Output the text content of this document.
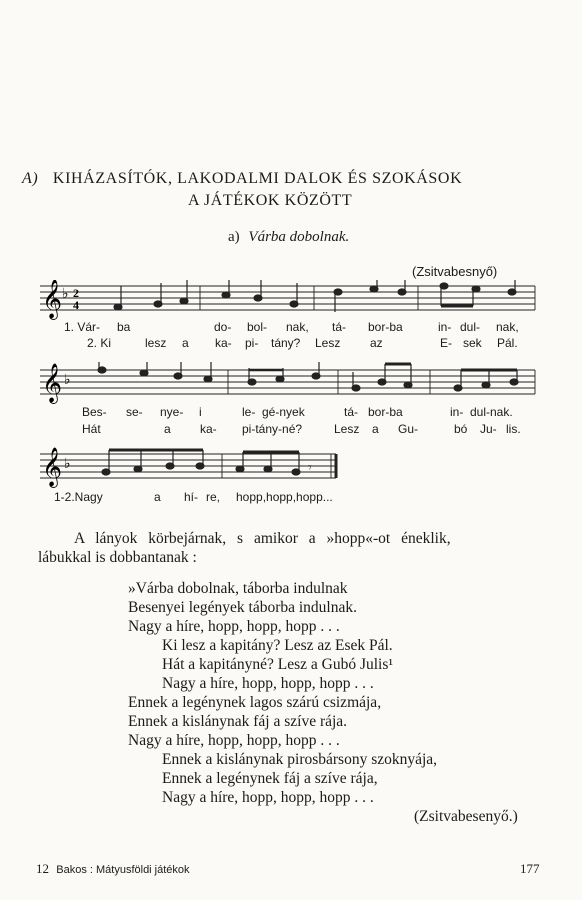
A) KIHÁZASÍTÓK, LAKODALMI DALOK ÉS SZOKÁSOK
A JÁTÉKOK KÖZÖTT
a) Várba dobolnak.
(Zsitvabesnyő)
𝄞 ♭ 2
4
1. Vár- ba	do- bol- nak, tá- bor-ba	in- dul- nak,
2. Ki	lesz a ka- pi- tány? Lesz az	E- sek Pál.
𝄞 ♭
Bes- se- nye- i	le- gé-nyek	tá- bor-ba	in- dul-nak.
Hát	a ka- pi-tány-né?	Lesz a Gu-	bó Ju- lis.
𝄞 ♭	𝄾
1-2.Nagy	a hí- re, hopp,hopp,hopp...
A lányok körbejárnak, s amikor a »hopp«-ot éneklik,
lábukkal is dobbantanak :
»Várba dobolnak, táborba indulnak
Besenyei legények táborba indulnak.
Nagy a híre, hopp, hopp, hopp . . .
Ki lesz a kapitány? Lesz az Esek Pál.
Hát a kapitányné? Lesz a Gubó Julis¹
Nagy a híre, hopp, hopp, hopp . . .
Ennek a legénynek lagos szárú csizmája,
Ennek a kislánynak fáj a szíve rája.
Nagy a híre, hopp, hopp, hopp . . .
Ennek a kislánynak pirosbársony szoknyája,
Ennek a legénynek fáj a szíve rája,
Nagy a híre, hopp, hopp, hopp . . .
(Zsitvabesenyő.)
12 Bakos : Mátyusföldi játékok	177
